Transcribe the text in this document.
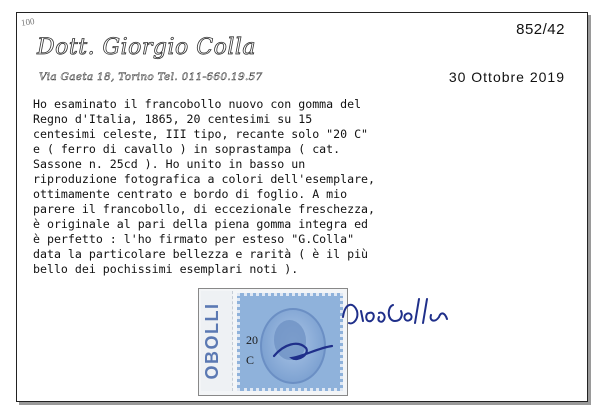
100	852/42
Dott. Giorgio Colla
Via Gaeta 18, Torino Tel. 011-660.19.57	30 Ottobre 2019

Ho esaminato il francobollo nuovo con gomma del
Regno d'Italia, 1865, 20 centesimi su 15
centesimi celeste, III tipo, recante solo "20 C"
e ( ferro di cavallo ) in soprastampa ( cat.
Sassone n. 25cd ). Ho unito in basso un
riproduzione fotografica a colori dell'esemplare,
ottimamente centrato e bordo di foglio. A mio
parere il francobollo, di eccezionale freschezza,
è originale al pari della piena gomma integra ed
è perfetto : l'ho firmato per esteso "G.Colla"
data la particolare bellezza e rarità ( è il più
bello dei pochissimi esemplari noti ).

OBOLLI 20
C
